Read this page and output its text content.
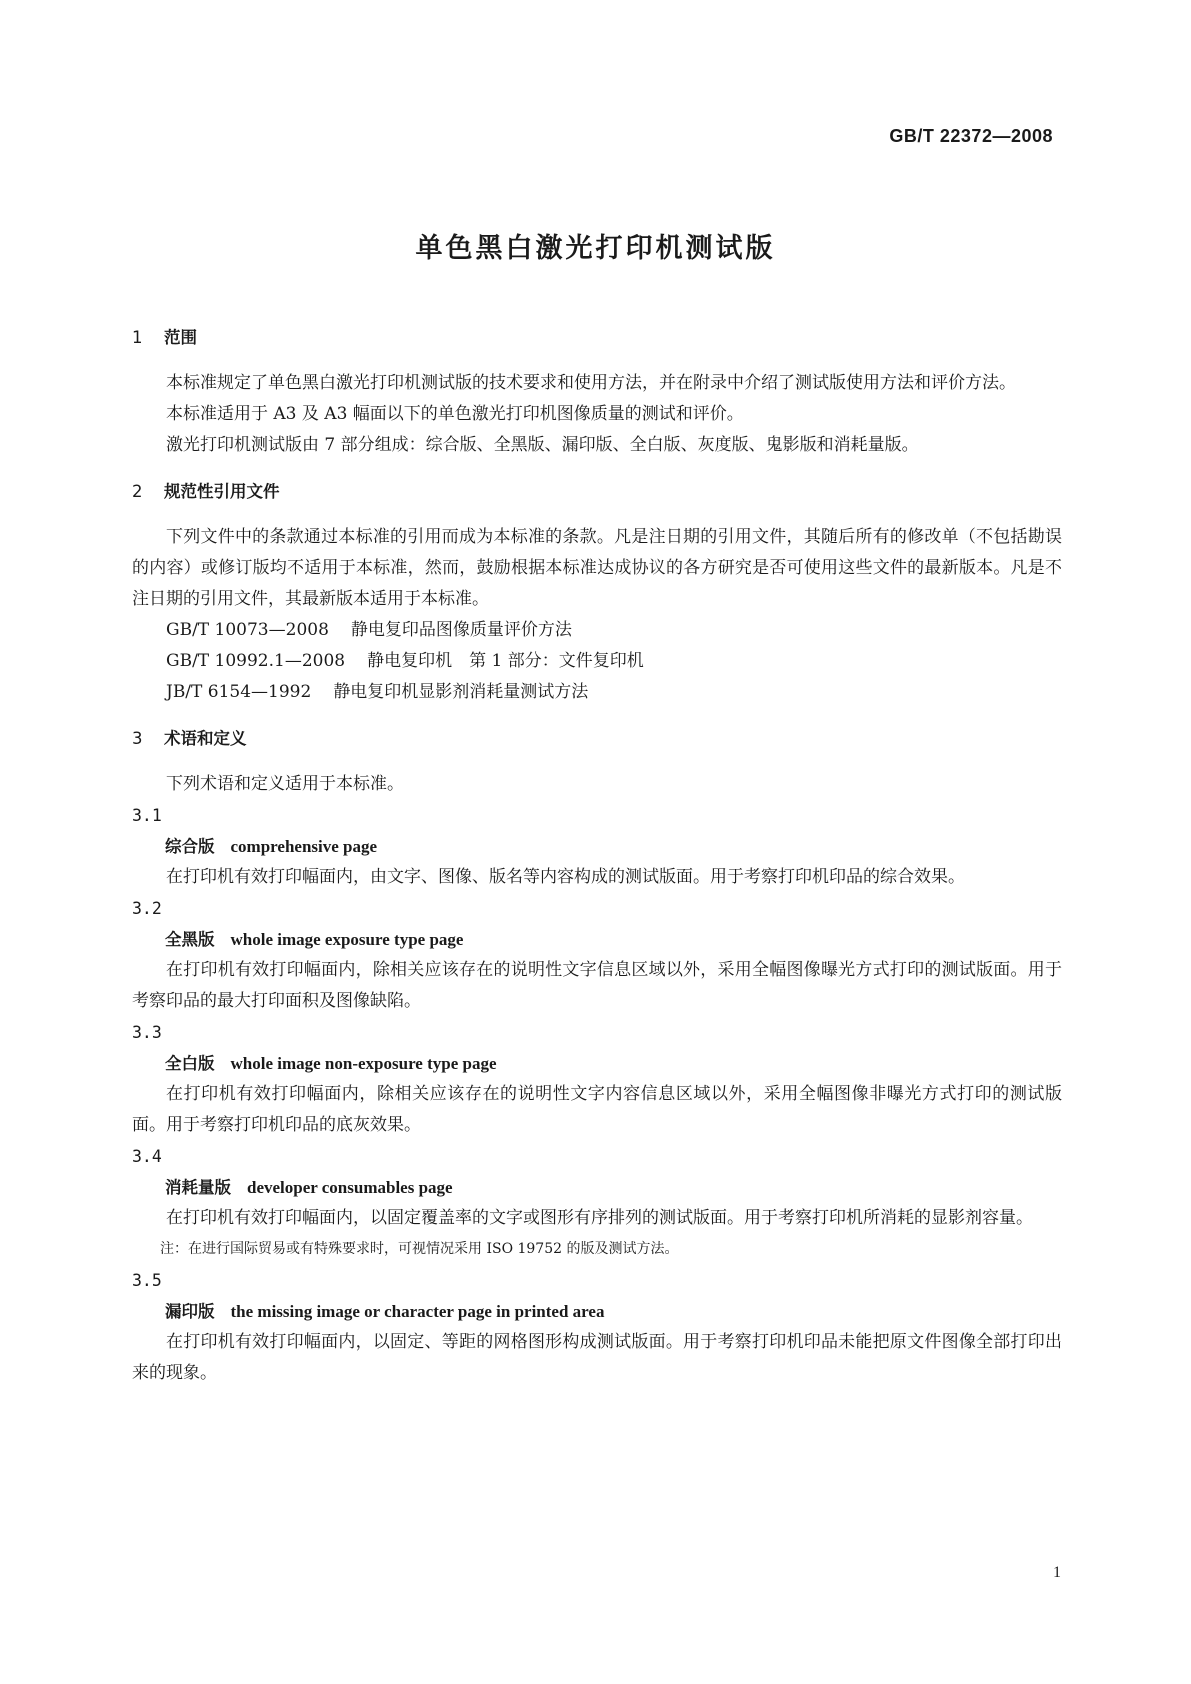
GB/T 22372—2008
单色黑白激光打印机测试版
1 范围

本标准规定了单色黑白激光打印机测试版的技术要求和使用方法，并在附录中介绍了测试版使用方法和评价方法。

本标准适用于 A3 及 A3 幅面以下的单色激光打印机图像质量的测试和评价。

激光打印机测试版由 7 部分组成：综合版、全黑版、漏印版、全白版、灰度版、鬼影版和消耗量版。

2 规范性引用文件

下列文件中的条款通过本标准的引用而成为本标准的条款。凡是注日期的引用文件，其随后所有的修改单（不包括勘误的内容）或修订版均不适用于本标准，然而，鼓励根据本标准达成协议的各方研究是否可使用这些文件的最新版本。凡是不注日期的引用文件，其最新版本适用于本标准。

GB/T 10073—2008 静电复印品图像质量评价方法

GB/T 10992.1—2008 静电复印机　第 1 部分：文件复印机

JB/T 6154—1992 静电复印机显影剂消耗量测试方法

3 术语和定义

下列术语和定义适用于本标准。

3.1

综合版 comprehensive page

在打印机有效打印幅面内，由文字、图像、版名等内容构成的测试版面。用于考察打印机印品的综合效果。

3.2

全黑版 whole image exposure type page

在打印机有效打印幅面内，除相关应该存在的说明性文字信息区域以外，采用全幅图像曝光方式打印的测试版面。用于考察印品的最大打印面积及图像缺陷。

3.3

全白版 whole image non-exposure type page

在打印机有效打印幅面内，除相关应该存在的说明性文字内容信息区域以外，采用全幅图像非曝光方式打印的测试版面。用于考察打印机印品的底灰效果。

3.4

消耗量版 developer consumables page

在打印机有效打印幅面内，以固定覆盖率的文字或图形有序排列的测试版面。用于考察打印机所消耗的显影剂容量。

注：在进行国际贸易或有特殊要求时，可视情况采用 ISO 19752 的版及测试方法。

3.5

漏印版 the missing image or character page in printed area

在打印机有效打印幅面内，以固定、等距的网格图形构成测试版面。用于考察打印机印品未能把原文件图像全部打印出来的现象。

1
